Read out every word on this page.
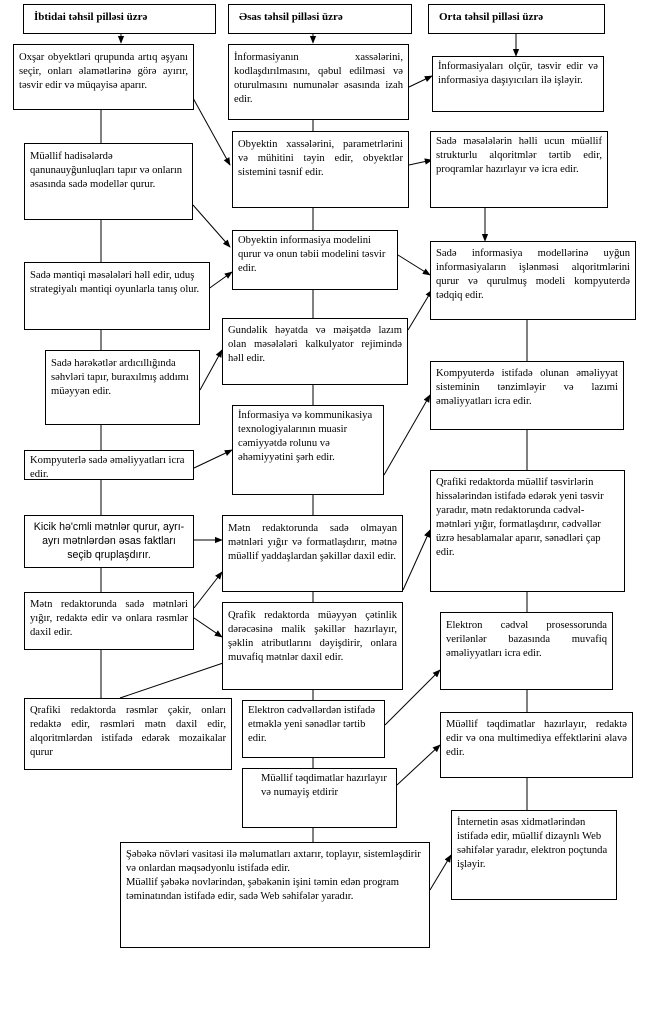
İbtidai təhsil pilləsi üzrə	Əsas təhsil pilləsi üzrə	Orta təhsil pilləsi üzrə
Oxşar obyektləri qrupunda artıq əşyanı seçir, onları əlamətlərinə görə ayırır, təsvir edir və müqayisə aparır.
Müəllif hadisələrdə qanunauyğunluqları tapır və onların əsasında sadə modellər qurur.
Sadə məntiqi məsələləri həll edir, uduş strategiyalı məntiqi oyunlarla tanış olur.
Sadə hərəkətlər ardıcıllığında səhvləri tapır, buraxılmış addımı müəyyən edir.
Kompyuterlə sadə əməliyyatları icra edir.
Kicik hə'cmli mətnlər qurur, ayrı-ayrı mətnlərdən əsas faktları seçib qruplaşdırır.
Mətn redaktorunda sadə mətnləri yığır, redaktə edir və onlara rəsmlər daxil edir.
Qrafiki redaktorda rəsmlər çəkir, onları redaktə edir, rəsmləri mətn daxil edir, alqoritmlərdən istifadə edərək mozaikalar qurur
İnformasiyanın xassələrini, kodlaşdırılmasını, qəbul edilməsi və oturulmasını numunələr əsasında izah edir.
Obyektin xassələrini, parametrlərini və mühitini təyin edir, obyektlər sistemini təsnif edir.
Obyektin informasiya modelini qurur və onun təbii modelini təsvir edir.
Gundəlik həyatda və məişətdə lazım olan məsələləri kalkulyator rejimində həll edir.
İnformasiya və kommunikasiya texnologiyalarının muasir cəmiyyətdə rolunu və əhəmiyyətini şərh edir.
Mətn redaktorunda sadə olmayan mətnləri yığır və formatlaşdırır, mətnə müəllif yaddaşlardan şəkillər daxil edir.
Qrafik redaktorda müəyyən çətinlik dərəcəsinə malik şəkillər hazırlayır, şəklin atributlarını dəyişdirir, onlara muvafiq mətnlər daxil edir.
Elektron cədvəllərdən istifadə etməklə yeni sənədlər tərtib edir.
Müəllif təqdimatlar hazırlayır və numayiş etdirir
Şəbəkə növləri vasitəsi ilə məlumatları axtarır, toplayır, sistemləşdirir və onlardan məqsədyonlu istifadə edir.
Müəllif şəbəkə novlərindən, şəbəkənin işini təmin edən program təminatından istifadə edir, sadə Web səhifələr yaradır.
İnformasiyaları olçür, təsvir edir və informasiya daşıyıcıları ilə işləyir.
Sadə məsələlərin həlli ucun müəllif strukturlu alqoritmlər tərtib edir, proqramlar hazırlayır və icra edir.
Sadə informasiya modellərinə uyğun informasiyaların işlənməsi alqoritmlərini qurur və qurulmuş modeli kompyuterdə tədqiq edir.
Kompyuterdə istifadə olunan əməliyyat sisteminin tənzimləyir və lazımi əməliyyatları icra edir.
Qrafiki redaktorda müəllif təsvirlərin hissələrindən istifadə edərək yeni təsvir yaradır, mətn redaktorunda cədvəl-mətnləri yığır, formatlaşdırır, cədvəllər üzrə hesablamalar aparır, sənədləri çap edir.
Elektron cədvəl prosessorunda verilənlər bazasında muvafiq əməliyyatları icra edir.
Müəllif təqdimatlar hazırlayır, redaktə edir və ona multimediya effektlərini əlavə edir.
İnternetin əsas xidmətlərindən istifadə edir, müəllif dizaynlı Web səhifələr yaradır, elektron poçtunda işləyir.
